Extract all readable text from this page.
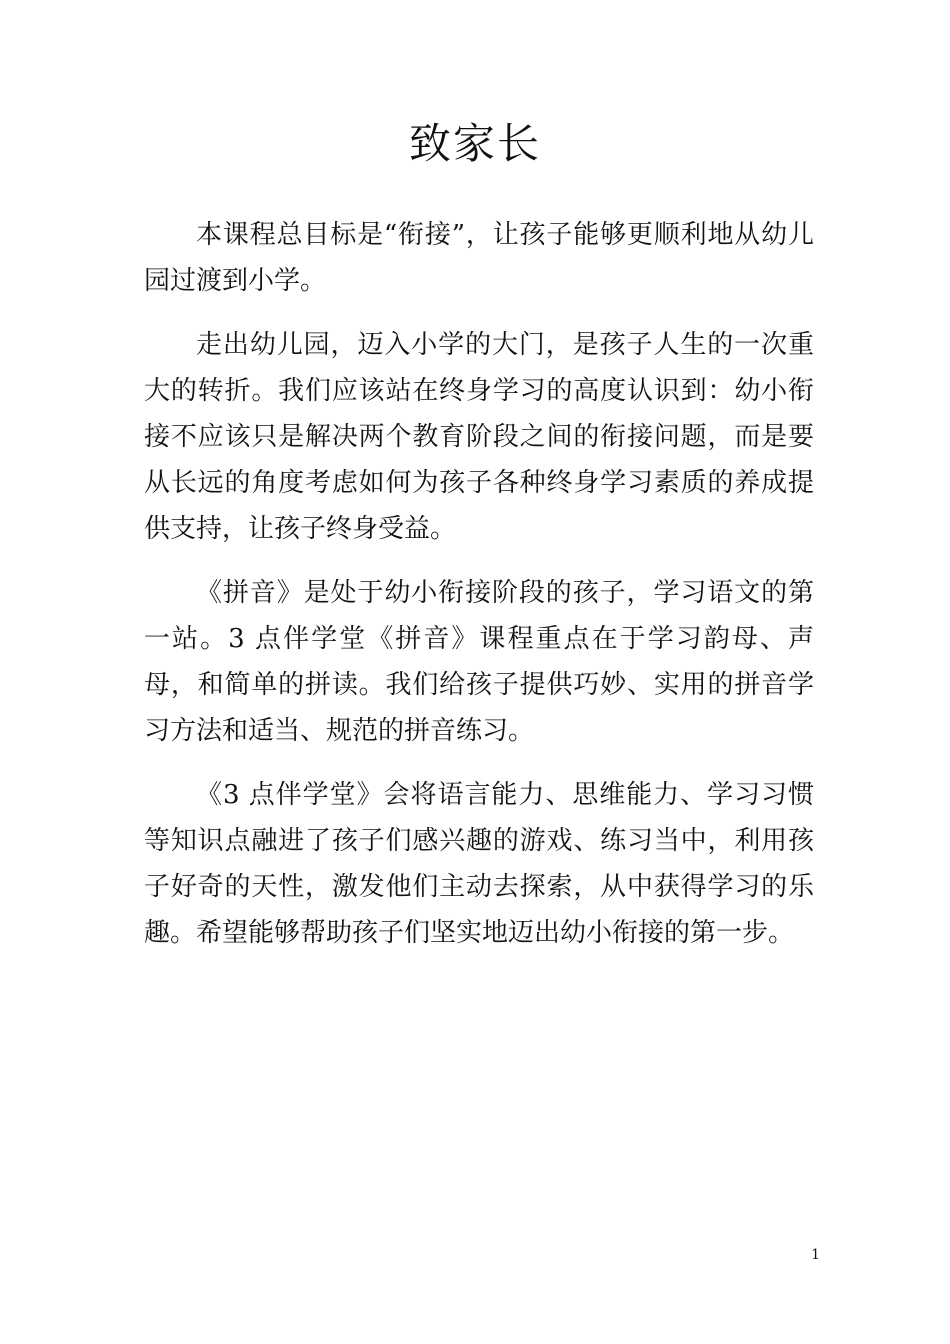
致家长

本课程总目标是“衔接”，让孩子能够更顺利地从幼儿园过渡到小学。

走出幼儿园，迈入小学的大门，是孩子人生的一次重大的转折。我们应该站在终身学习的高度认识到：幼小衔接不应该只是解决两个教育阶段之间的衔接问题，而是要从长远的角度考虑如何为孩子各种终身学习素质的养成提供支持，让孩子终身受益。

《拼音》是处于幼小衔接阶段的孩子，学习语文的第一站。3 点伴学堂《拼音》课程重点在于学习韵母、声母，和简单的拼读。我们给孩子提供巧妙、实用的拼音学习方法和适当、规范的拼音练习。

《3 点伴学堂》会将语言能力、思维能力、学习习惯等知识点融进了孩子们感兴趣的游戏、练习当中，利用孩子好奇的天性，激发他们主动去探索，从中获得学习的乐趣。希望能够帮助孩子们坚实地迈出幼小衔接的第一步。

1
